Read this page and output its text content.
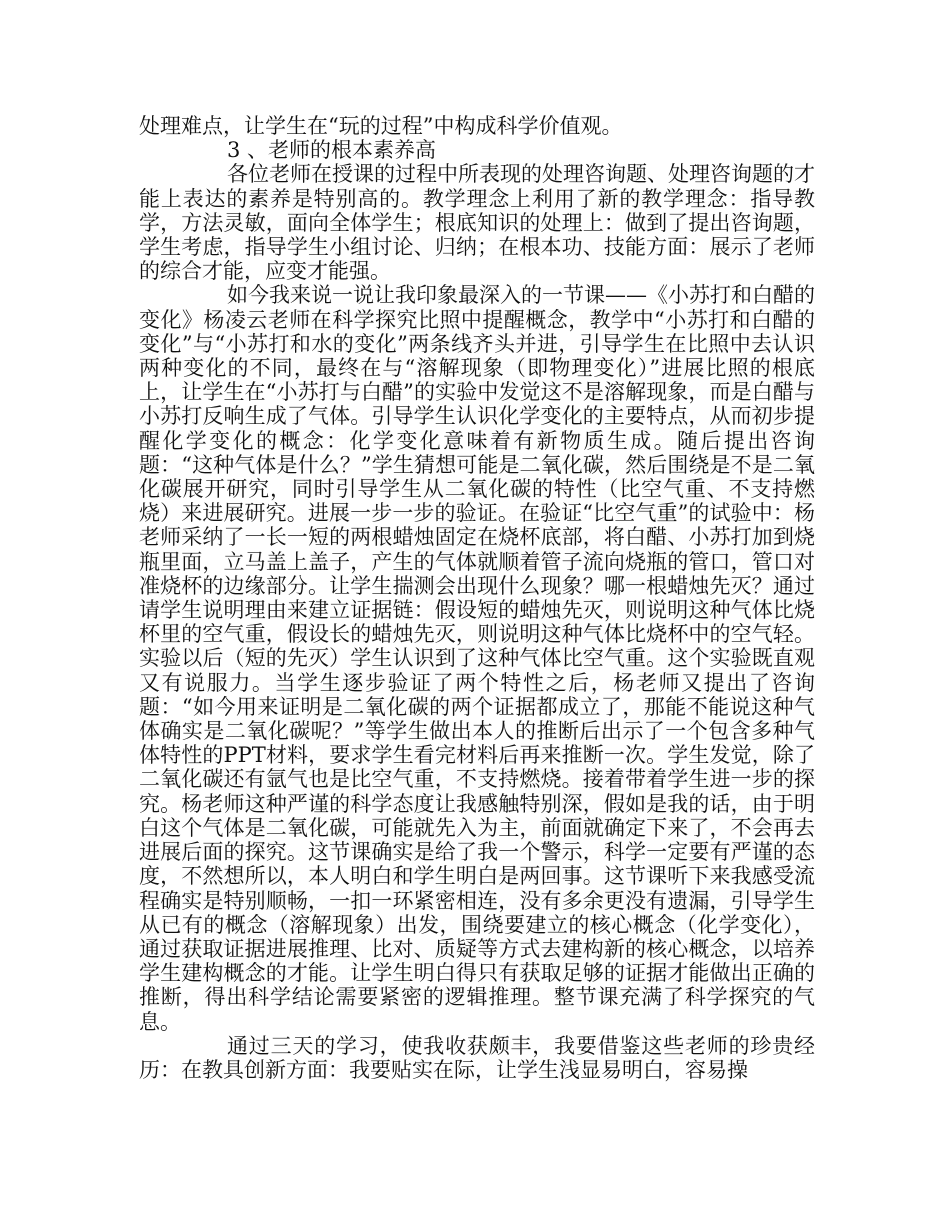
处理难点，让学生在“玩的过程”中构成科学价值观。

3 、老师的根本素养高

各位老师在授课的过程中所表现的处理咨询题、处理咨询题的才能上表达的素养是特别高的。教学理念上利用了新的教学理念：指导教学，方法灵敏，面向全体学生；根底知识的处理上：做到了提出咨询题，学生考虑，指导学生小组讨论、归纳；在根本功、技能方面：展示了老师的综合才能，应变才能强。

如今我来说一说让我印象最深入的一节课——《小苏打和白醋的变化》杨凌云老师在科学探究比照中提醒概念，教学中“小苏打和白醋的变化”与“小苏打和水的变化”两条线齐头并进，引导学生在比照中去认识两种变化的不同，最终在与“溶解现象（即物理变化）”进展比照的根底上，让学生在“小苏打与白醋”的实验中发觉这不是溶解现象，而是白醋与小苏打反响生成了气体。引导学生认识化学变化的主要特点，从而初步提醒化学变化的概念：化学变化意味着有新物质生成。随后提出咨询题：“这种气体是什么？”学生猜想可能是二氧化碳，然后围绕是不是二氧化碳展开研究，同时引导学生从二氧化碳的特性（比空气重、不支持燃烧）来进展研究。进展一步一步的验证。在验证“比空气重”的试验中：杨老师采纳了一长一短的两根蜡烛固定在烧杯底部，将白醋、小苏打加到烧瓶里面，立马盖上盖子，产生的气体就顺着管子流向烧瓶的管口，管口对准烧杯的边缘部分。让学生揣测会出现什么现象？哪一根蜡烛先灭？通过请学生说明理由来建立证据链：假设短的蜡烛先灭，则说明这种气体比烧杯里的空气重，假设长的蜡烛先灭，则说明这种气体比烧杯中的空气轻。实验以后（短的先灭）学生认识到了这种气体比空气重。这个实验既直观又有说服力。当学生逐步验证了两个特性之后，杨老师又提出了咨询题：“如今用来证明是二氧化碳的两个证据都成立了，那能不能说这种气体确实是二氧化碳呢？”等学生做出本人的推断后出示了一个包含多种气体特性的PPT材料，要求学生看完材料后再来推断一次。学生发觉，除了二氧化碳还有氩气也是比空气重，不支持燃烧。接着带着学生进一步的探究。杨老师这种严谨的科学态度让我感触特别深，假如是我的话，由于明白这个气体是二氧化碳，可能就先入为主，前面就确定下来了，不会再去进展后面的探究。这节课确实是给了我一个警示，科学一定要有严谨的态度，不然想所以，本人明白和学生明白是两回事。这节课听下来我感受流程确实是特别顺畅，一扣一环紧密相连，没有多余更没有遗漏，引导学生从已有的概念（溶解现象）出发，围绕要建立的核心概念（化学变化），通过获取证据进展推理、比对、质疑等方式去建构新的核心概念，以培养学生建构概念的才能。让学生明白得只有获取足够的证据才能做出正确的推断，得出科学结论需要紧密的逻辑推理。整节课充满了科学探究的气息。

通过三天的学习，使我收获颇丰，我要借鉴这些老师的珍贵经历：在教具创新方面：我要贴实在际，让学生浅显易明白，容易操
